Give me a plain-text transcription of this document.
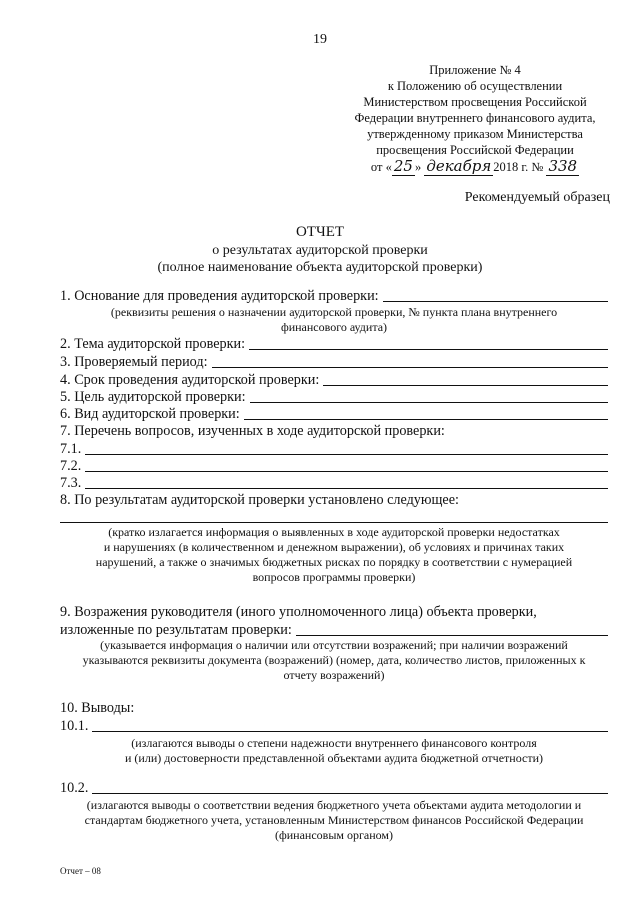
19
Приложение № 4
к Положению об осуществлении
Министерством просвещения Российской
Федерации внутреннего финансового аудита,
утвержденному приказом Министерства
просвещения Российской Федерации
от « 25 » декабря 2018 г. № 338
Рекомендуемый образец
ОТЧЕТ
о результатах аудиторской проверки
(полное наименование объекта аудиторской проверки)
1. Основание для проведения аудиторской проверки:
(реквизиты решения о назначении аудиторской проверки, № пункта плана внутреннего
финансового аудита)
2. Тема аудиторской проверки:
3. Проверяемый период:
4. Срок проведения аудиторской проверки:
5. Цель аудиторской проверки:
6. Вид аудиторской проверки:
7. Перечень вопросов, изученных в ходе аудиторской проверки:
7.1.
7.2.
7.3.
8. По результатам аудиторской проверки установлено следующее:
(кратко излагается информация о выявленных в ходе аудиторской проверки недостатках
и нарушениях (в количественном и денежном выражении), об условиях и причинах таких
нарушений, а также о значимых бюджетных рисках по порядку в соответствии с нумерацией
вопросов программы проверки)
9. Возражения руководителя (иного уполномоченного лица) объекта проверки,
изложенные по результатам проверки:
(указывается информация о наличии или отсутствии возражений; при наличии возражений
указываются реквизиты документа (возражений) (номер, дата, количество листов, приложенных к
отчету возражений)
10. Выводы:
10.1.
(излагаются выводы о степени надежности внутреннего финансового контроля
и (или) достоверности представленной объектами аудита бюджетной отчетности)
10.2.
(излагаются выводы о соответствии ведения бюджетного учета объектами аудита методологии и
стандартам бюджетного учета, установленным Министерством финансов Российской Федерации
(финансовым органом)
Отчет – 08
